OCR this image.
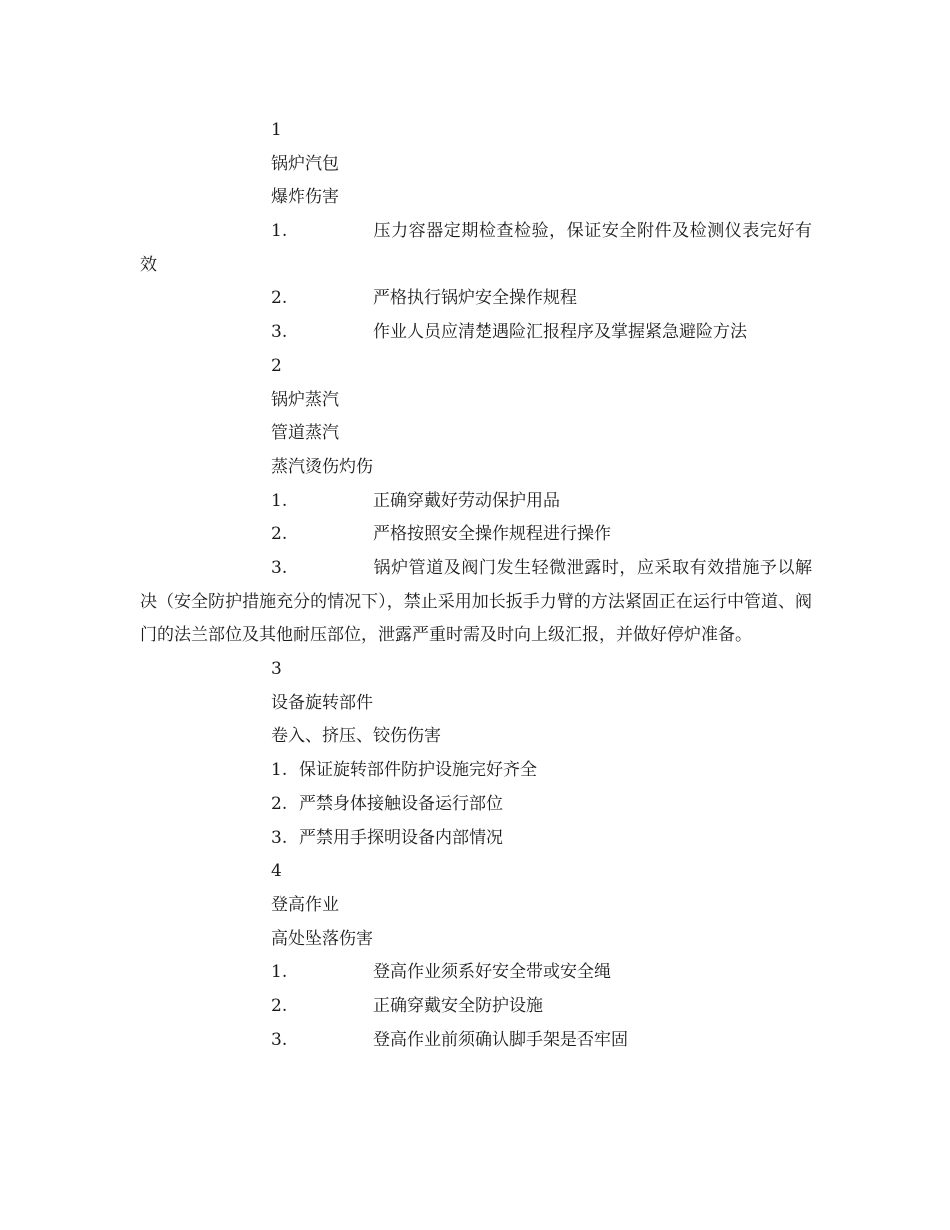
1
锅炉汽包
爆炸伤害
1.	压力容器定期检查检验，保证安全附件及检测仪表完好有效
2.	严格执行锅炉安全操作规程
3.	作业人员应清楚遇险汇报程序及掌握紧急避险方法
2
锅炉蒸汽
管道蒸汽
蒸汽烫伤灼伤
1.	正确穿戴好劳动保护用品
2.	严格按照安全操作规程进行操作
3.	锅炉管道及阀门发生轻微泄露时，应采取有效措施予以解决（安全防护措施充分的情况下），禁止采用加长扳手力臂的方法紧固正在运行中管道、阀门的法兰部位及其他耐压部位，泄露严重时需及时向上级汇报，并做好停炉准备。
3
设备旋转部件
卷入、挤压、铰伤伤害
1. 保证旋转部件防护设施完好齐全
2. 严禁身体接触设备运行部位
3. 严禁用手探明设备内部情况
4
登高作业
高处坠落伤害
1.	登高作业须系好安全带或安全绳
2.	正确穿戴安全防护设施
3.	登高作业前须确认脚手架是否牢固
